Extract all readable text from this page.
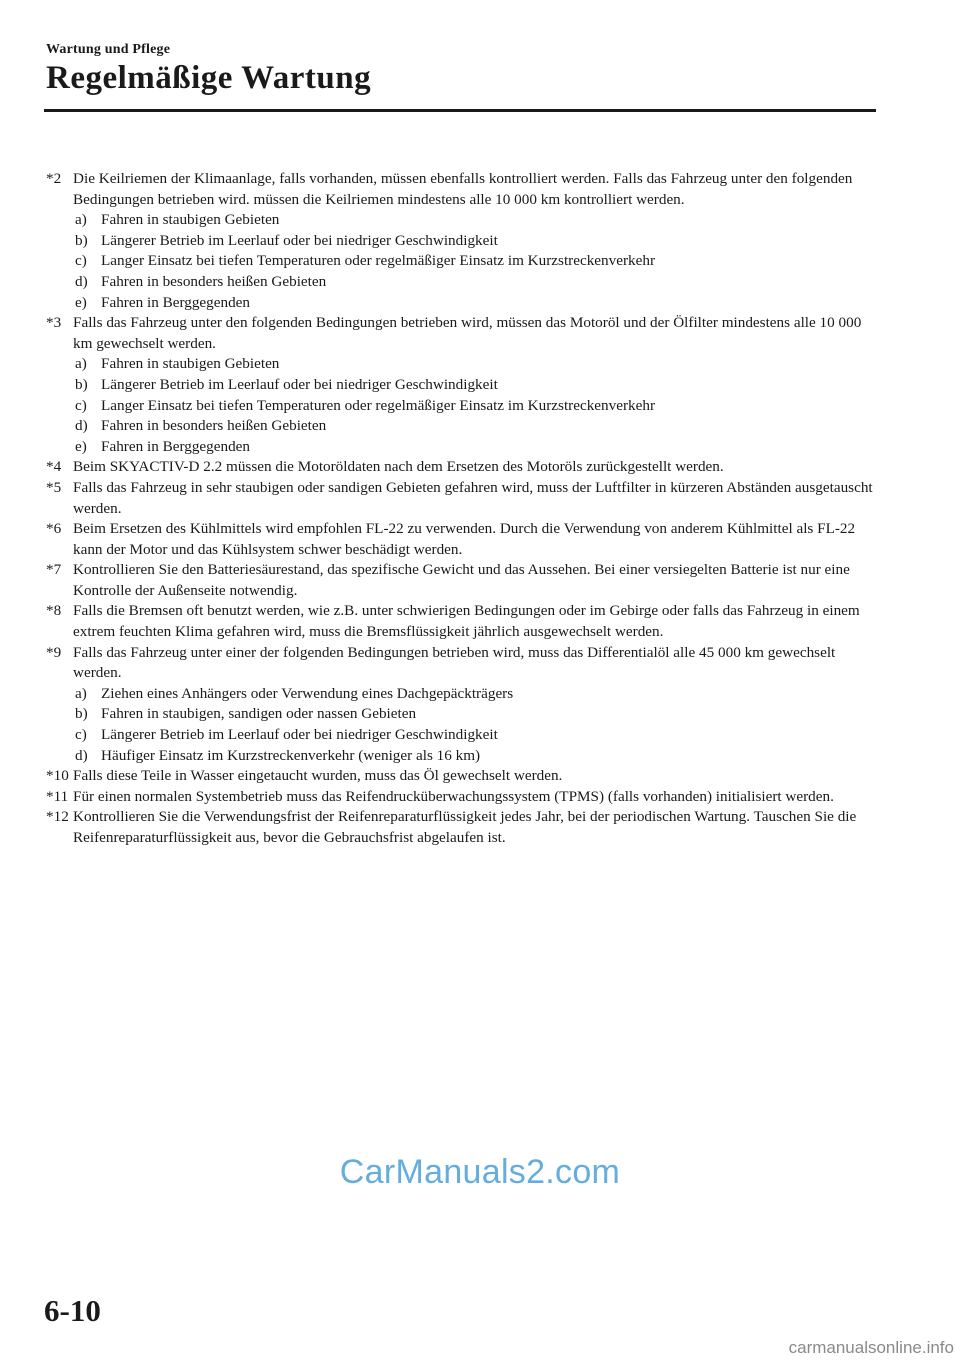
Wartung und Pflege
Regelmäßige Wartung
*2 Die Keilriemen der Klimaanlage, falls vorhanden, müssen ebenfalls kontrolliert werden. Falls das Fahrzeug unter den folgenden Bedingungen betrieben wird. müssen die Keilriemen mindestens alle 10 000 km kontrolliert werden.
a) Fahren in staubigen Gebieten
b) Längerer Betrieb im Leerlauf oder bei niedriger Geschwindigkeit
c) Langer Einsatz bei tiefen Temperaturen oder regelmäßiger Einsatz im Kurzstreckenverkehr
d) Fahren in besonders heißen Gebieten
e) Fahren in Berggegenden
*3 Falls das Fahrzeug unter den folgenden Bedingungen betrieben wird, müssen das Motoröl und der Ölfilter mindestens alle 10 000 km gewechselt werden.
a) Fahren in staubigen Gebieten
b) Längerer Betrieb im Leerlauf oder bei niedriger Geschwindigkeit
c) Langer Einsatz bei tiefen Temperaturen oder regelmäßiger Einsatz im Kurzstreckenverkehr
d) Fahren in besonders heißen Gebieten
e) Fahren in Berggegenden
*4 Beim SKYACTIV-D 2.2 müssen die Motoröldaten nach dem Ersetzen des Motoröls zurückgestellt werden.
*5 Falls das Fahrzeug in sehr staubigen oder sandigen Gebieten gefahren wird, muss der Luftfilter in kürzeren Abständen ausgetauscht werden.
*6 Beim Ersetzen des Kühlmittels wird empfohlen FL-22 zu verwenden. Durch die Verwendung von anderem Kühlmittel als FL-22 kann der Motor und das Kühlsystem schwer beschädigt werden.
*7 Kontrollieren Sie den Batteriesäurestand, das spezifische Gewicht und das Aussehen. Bei einer versiegelten Batterie ist nur eine Kontrolle der Außenseite notwendig.
*8 Falls die Bremsen oft benutzt werden, wie z.B. unter schwierigen Bedingungen oder im Gebirge oder falls das Fahrzeug in einem extrem feuchten Klima gefahren wird, muss die Bremsflüssigkeit jährlich ausgewechselt werden.
*9 Falls das Fahrzeug unter einer der folgenden Bedingungen betrieben wird, muss das Differentialöl alle 45 000 km gewechselt werden.
a) Ziehen eines Anhängers oder Verwendung eines Dachgepäckträgers
b) Fahren in staubigen, sandigen oder nassen Gebieten
c) Längerer Betrieb im Leerlauf oder bei niedriger Geschwindigkeit
d) Häufiger Einsatz im Kurzstreckenverkehr (weniger als 16 km)
*10 Falls diese Teile in Wasser eingetaucht wurden, muss das Öl gewechselt werden.
*11 Für einen normalen Systembetrieb muss das Reifendrucküberwachungssystem (TPMS) (falls vorhanden) initialisiert werden.
*12 Kontrollieren Sie die Verwendungsfrist der Reifenreparaturflüssigkeit jedes Jahr, bei der periodischen Wartung. Tauschen Sie die Reifenreparaturflüssigkeit aus, bevor die Gebrauchsfrist abgelaufen ist.
CarManuals2.com
6-10
carmanualsonline.info
